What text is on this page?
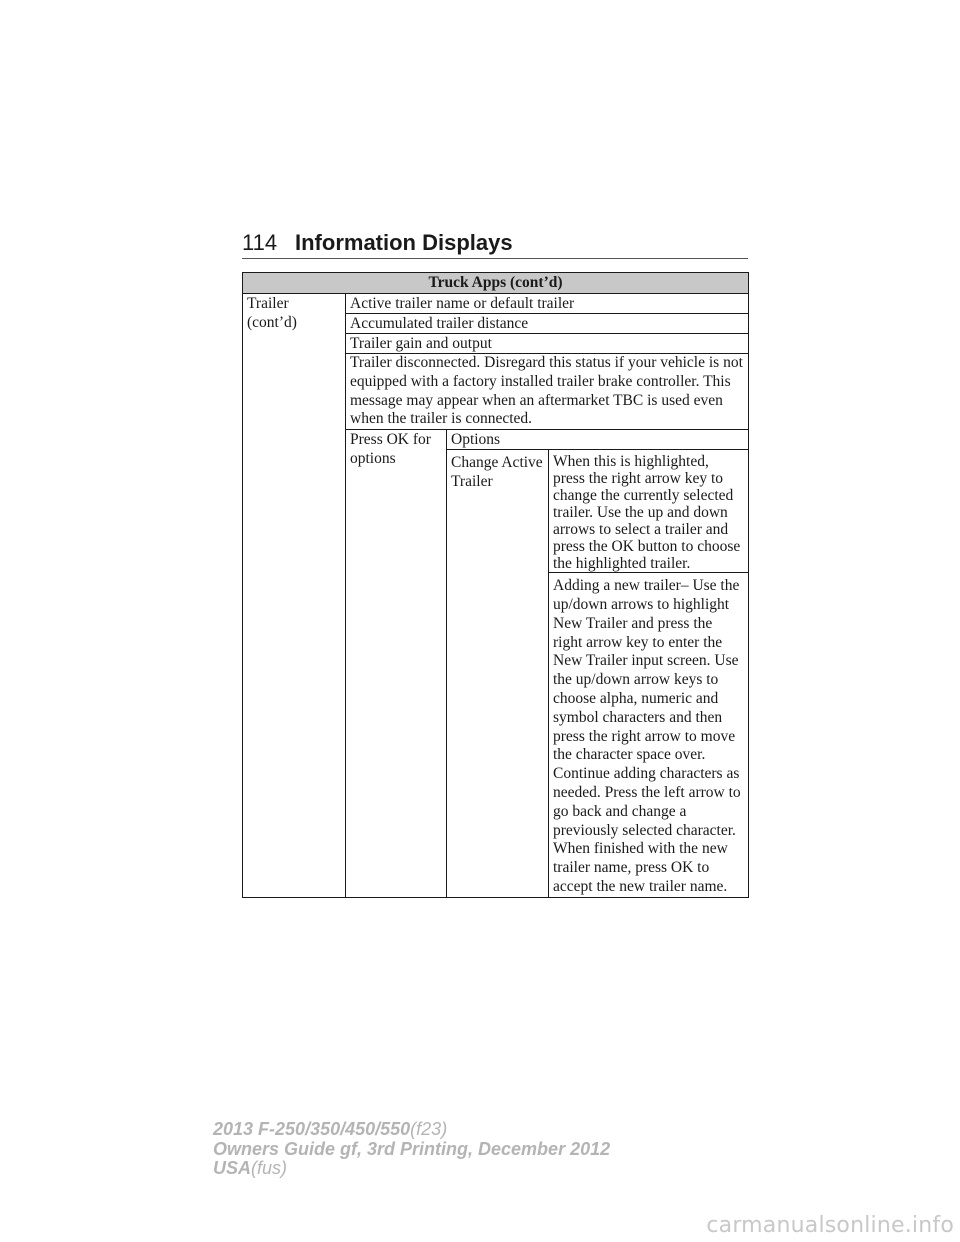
114 Information Displays
Truck Apps (cont’d)			
Trailer (cont’d)	Active trailer name or default trailer		
	Accumulated trailer distance		
	Trailer gain and output		
	Trailer disconnected. Disregard this status if your vehicle is not equipped with a factory installed trailer brake controller. This message may appear when an aftermarket TBC is used even when the trailer is connected.		
	Press OK for options	Options	
		Change Active Trailer	When this is highlighted, press the right arrow key to change the currently selected trailer. Use the up and down arrows to select a trailer and press the OK button to choose the highlighted trailer.
			Adding a new trailer– Use the up/down arrows to highlight New Trailer and press the right arrow key to enter the New Trailer input screen. Use the up/down arrow keys to choose alpha, numeric and symbol characters and then press the right arrow to move the character space over. Continue adding characters as needed. Press the left arrow to go back and change a previously selected character. When finished with the new trailer name, press OK to accept the new trailer name.
2013 F-250/350/450/550(f23)
Owners Guide gf, 3rd Printing, December 2012
USA(fus)
carmanualsonline.info
